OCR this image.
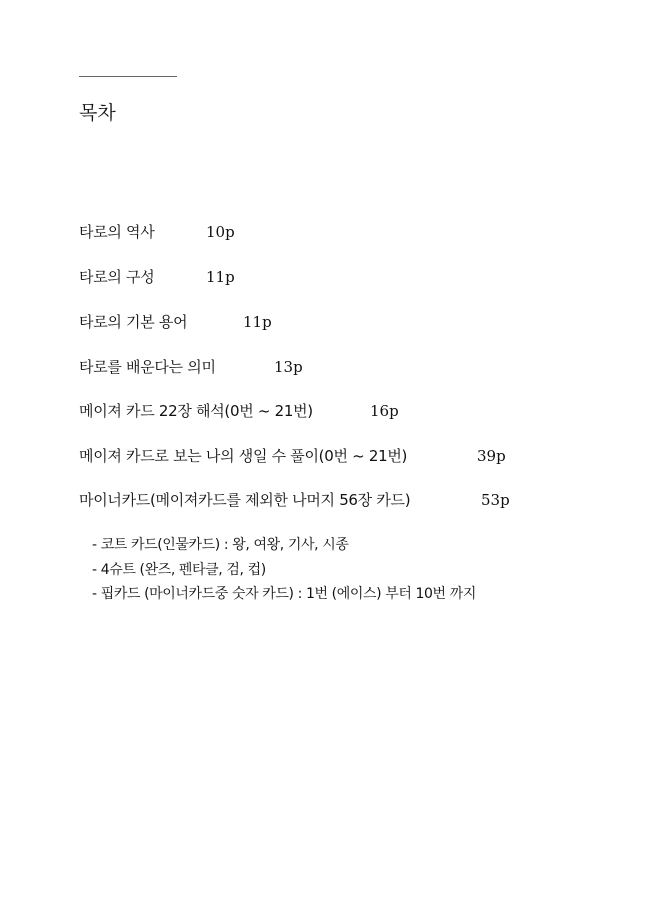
목차
타로의 역사	10p
타로의 구성	11p
타로의 기본 용어	11p
타로를 배운다는 의미	13p
메이져 카드 22장 해석(0번 ~ 21번)	16p
메이져 카드로 보는 나의 생일 수 풀이(0번 ~ 21번)	39p
마이너카드(메이져카드를 제외한 나머지 56장 카드)	53p
- 코트 카드(인물카드) : 왕, 여왕, 기사, 시종
- 4슈트 (완즈, 펜타클, 검, 컵)
- 핍카드 (마이너카드중 숫자 카드) : 1번 (에이스) 부터 10번 까지
